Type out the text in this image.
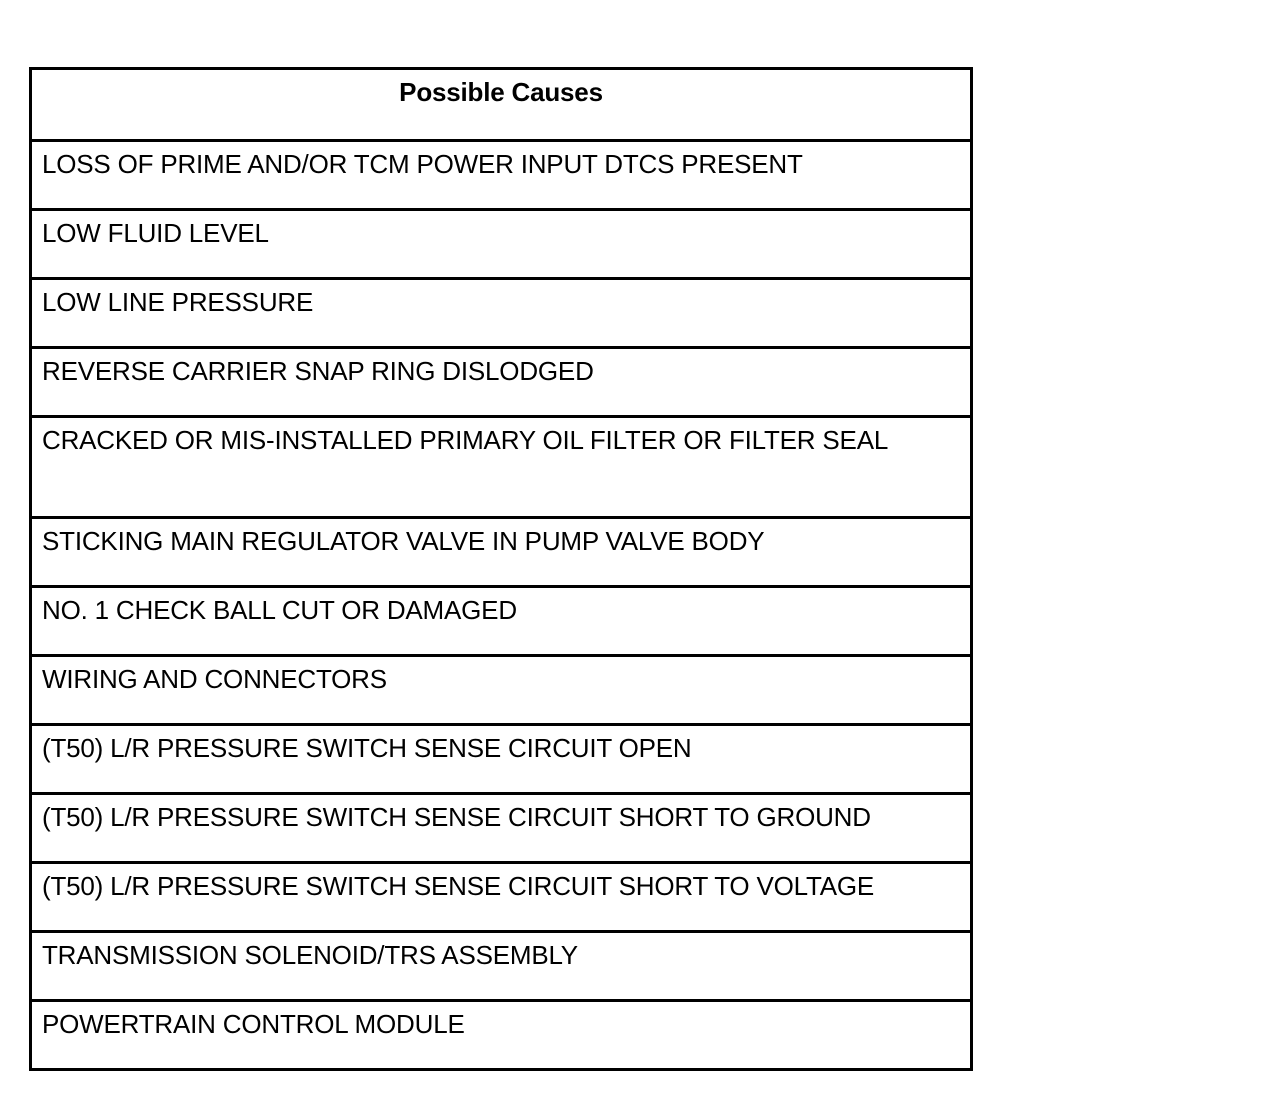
Possible Causes
LOSS OF PRIME AND/OR TCM POWER INPUT DTCS PRESENT
LOW FLUID LEVEL
LOW LINE PRESSURE
REVERSE CARRIER SNAP RING DISLODGED
CRACKED OR MIS-INSTALLED PRIMARY OIL FILTER OR FILTER SEAL
STICKING MAIN REGULATOR VALVE IN PUMP VALVE BODY
NO. 1 CHECK BALL CUT OR DAMAGED
WIRING AND CONNECTORS
(T50) L/R PRESSURE SWITCH SENSE CIRCUIT OPEN
(T50) L/R PRESSURE SWITCH SENSE CIRCUIT SHORT TO GROUND
(T50) L/R PRESSURE SWITCH SENSE CIRCUIT SHORT TO VOLTAGE
TRANSMISSION SOLENOID/TRS ASSEMBLY
POWERTRAIN CONTROL MODULE
